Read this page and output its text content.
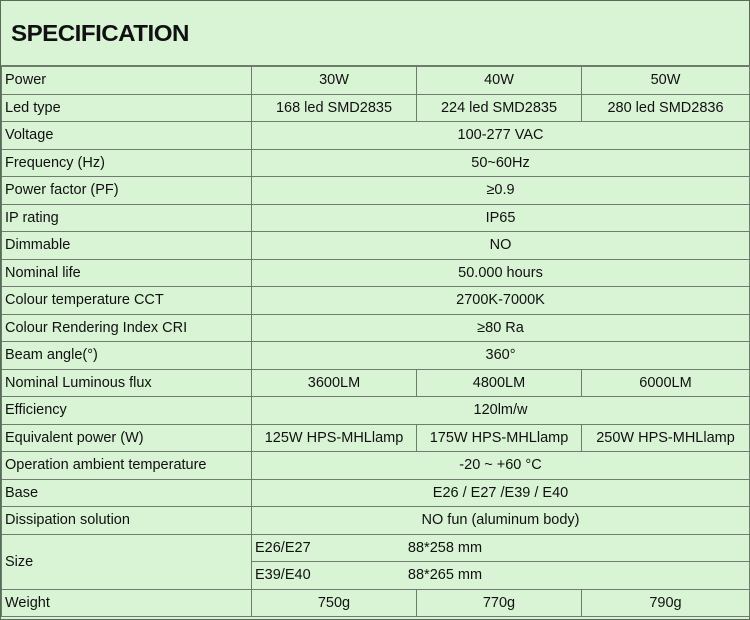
SPECIFICATION
Power	30W	40W	50W
Led type	168 led SMD2835	224 led SMD2835	280 led SMD2836
Voltage	100-277 VAC		
Frequency (Hz)	50~60Hz		
Power factor (PF)	≥0.9		
IP rating	IP65		
Dimmable	NO		
Nominal life	50.000 hours		
Colour temperature CCT	2700K-7000K		
Colour Rendering Index CRI	≥80 Ra		
Beam angle(°)	360°		
Nominal Luminous flux	3600LM	4800LM	6000LM
Efficiency	120lm/w		
Equivalent power (W)	125W HPS-MHLlamp	175W HPS-MHLlamp	250W HPS-MHLlamp
Operation ambient temperature	-20 ~ +60 °C		
Base	E26 / E27 /E39 / E40		
Dissipation solution	NO fun (aluminum body)		
Size	E26/E27 88*258 mm		
	E39/E40 88*265 mm		
Weight	750g	770g	790g
